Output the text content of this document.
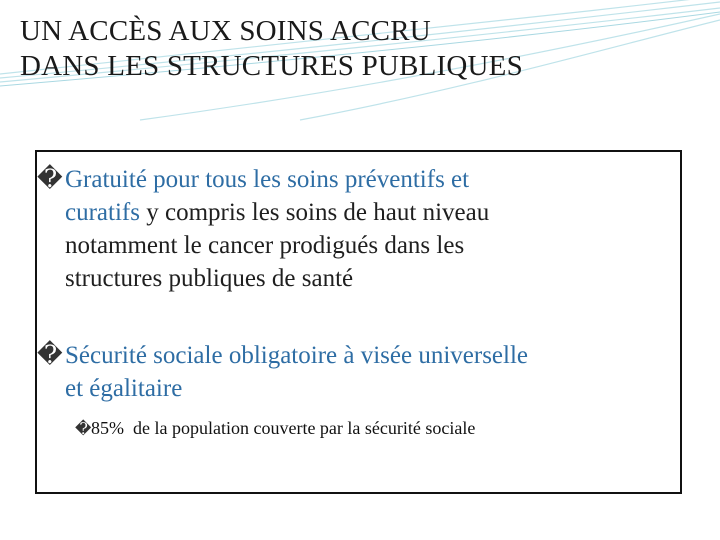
UN ACCÈS AUX SOINS ACCRU
DANS LES STRUCTURES PUBLIQUES
�Gratuité pour tous les soins préventifs et
curatifs y compris les soins de haut niveau
notamment le cancer prodigués dans les
structures publiques de santé
�Sécurité sociale obligatoire à visée universelle
et égalitaire
�85% de la population couverte par la sécurité sociale
